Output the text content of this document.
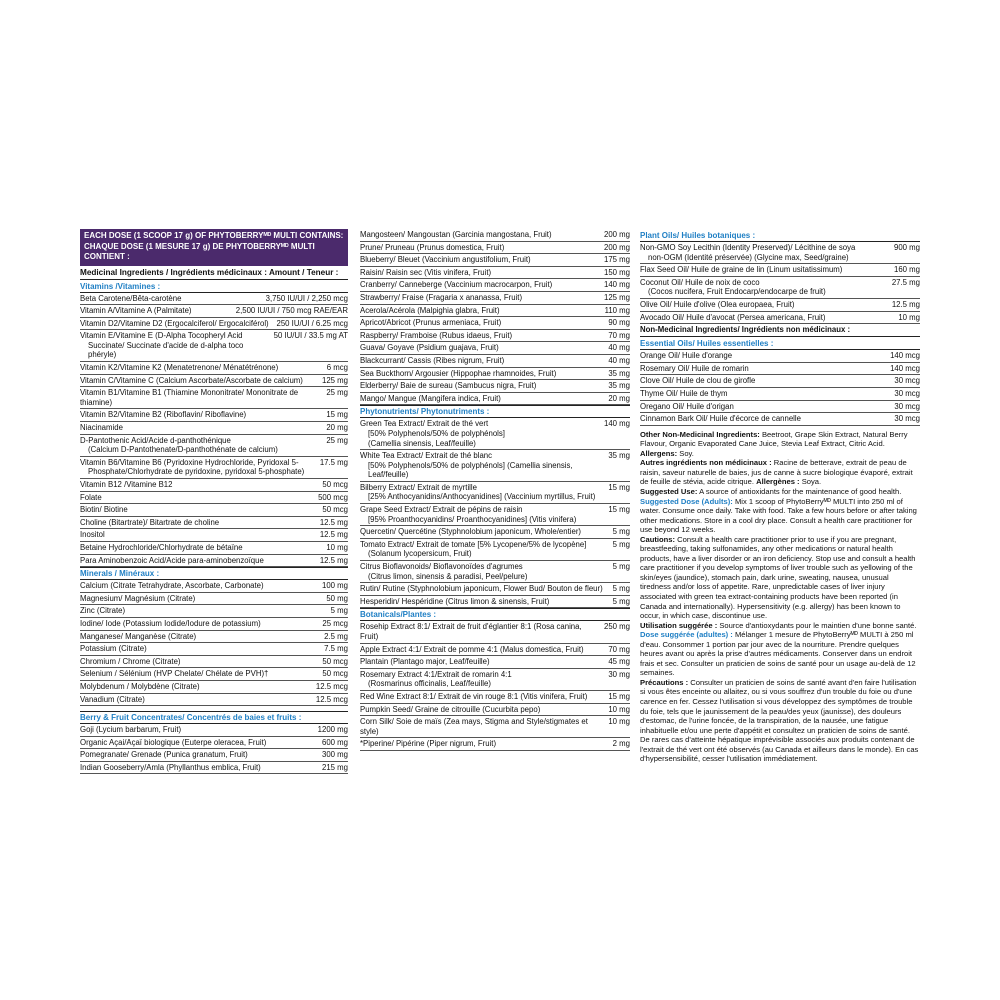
EACH DOSE (1 SCOOP 17 g) OF PHYTOBERRYᴹᴰ MULTI CONTAINS:
CHAQUE DOSE (1 MESURE 17 g) DE PHYTOBERRYᴹᴰ MULTI CONTIENT :
Medicinal Ingredients / Ingrédients médicinaux : Amount / Teneur :
Vitamins /Vitamines :
Beta Carotene/Bêta-carotène	3,750 IU/UI / 2,250 mcg
Vitamin A/Vitamine A (Palmitate)	2,500 IU/UI / 750 mcg RAE/EAR
Vitamin D2/Vitamine D2 (Ergocalciferol/ Ergocalciférol)	250 IU/UI / 6.25 mcg
Vitamin E/Vitamine E (D-Alpha Tocopheryl Acid
Succinate/ Succinate d'acide de d-alpha toco phéryle)
50 IU/UI / 33.5 mg AT
Vitamin K2/Vitamine K2 (Menatetrenone/ Ménatétrénone)	6 mcg
Vitamin C/Vitamine C (Calcium Ascorbate/Ascorbate de calcium)	125 mg
Vitamin B1/Vitamine B1 (Thiamine Mononitrate/ Mononitrate de thiamine)
25 mg
Vitamin B2/Vitamine B2 (Riboflavin/ Riboflavine)	15 mg
Niacinamide	20 mg
D-Pantothenic Acid/Acide d-panthothénique
(Calcium D-Pantothenate/D-panthothénate de calcium)
25 mg
Vitamin B6/Vitamine B6 (Pyridoxine Hydrochloride, Pyridoxal 5-
Phosphate/Chlorhydrate de pyridoxine, pyridoxal 5-phosphate)
17.5 mg
Vitamin B12 /Vitamine B12	50 mcg
Folate	500 mcg
Biotin/ Biotine	50 mcg
Choline (Bitartrate)/ Bitartrate de choline	12.5 mg
Inositol	12.5 mg
Betaine Hydrochloride/Chlorhydrate de bétaïne	10 mg
Para Aminobenzoic Acid/Acide para-aminobenzoïque	12.5 mg
Minerals / Minéraux :
Calcium (Citrate Tetrahydrate, Ascorbate, Carbonate)	100 mg
Magnesium/ Magnésium (Citrate)	50 mg
Zinc (Citrate)	5 mg
Iodine/ Iode (Potassium Iodide/Iodure de potassium)	25 mcg
Manganese/ Manganèse (Citrate)	2.5 mg
Potassium (Citrate)	7.5 mg
Chromium / Chrome (Citrate)	50 mcg
Selenium / Sélénium (HVP Chelate/ Chélate de PVH)†	50 mcg
Molybdenum / Molybdène (Citrate)	12.5 mcg
Vanadium (Citrate)	12.5 mcg
Berry & Fruit Concentrates/ Concentrés de baies et fruits :
Goji (Lycium barbarum, Fruit)	1200 mg
Organic Açai/Açaï biologique (Euterpe oleracea, Fruit)	600 mg
Pomegranate/ Grenade (Punica granatum, Fruit)	300 mg
Indian Gooseberry/Amla (Phyllanthus emblica, Fruit)	215 mg
Mangosteen/ Mangoustan (Garcinia mangostana, Fruit)	200 mg
Prune/ Pruneau (Prunus domestica, Fruit)	200 mg
Blueberry/ Bleuet (Vaccinium angustifolium, Fruit)	175 mg
Raisin/ Raisin sec (Vitis vinifera, Fruit)	150 mg
Cranberry/ Canneberge (Vaccinium macrocarpon, Fruit)	140 mg
Strawberry/ Fraise (Fragaria x ananassa, Fruit)	125 mg
Acerola/Acérola (Malpighia glabra, Fruit)	110 mg
Apricot/Abricot (Prunus armeniaca, Fruit)	90 mg
Raspberry/ Framboise (Rubus idaeus, Fruit)	70 mg
Guava/ Goyave (Psidium guajava, Fruit)	40 mg
Blackcurrant/ Cassis (Ribes nigrum, Fruit)	40 mg
Sea Buckthorn/ Argousier (Hippophae rhamnoides, Fruit)	35 mg
Elderberry/ Baie de sureau (Sambucus nigra, Fruit)	35 mg
Mango/ Mangue (Mangifera indica, Fruit)	20 mg
Phytonutrients/ Phytonutriments :
Green Tea Extract/ Extrait de thé vert
[50% Polyphenols/50% de polyphénols]
(Camellia sinensis, Leaf/feuille)
140 mg
White Tea Extract/ Extrait de thé blanc
[50% Polyphenols/50% de polyphénols] (Camellia sinensis, Leaf/feuille)
35 mg
Bilberry Extract/ Extrait de myrtille
[25% Anthocyanidins/Anthocyanidines] (Vaccinium myrtillus, Fruit)
15 mg
Grape Seed Extract/ Extrait de pépins de raisin
[95% Proanthocyanidins/ Proanthocyanidines] (Vitis vinifera)
15 mg
Quercetin/ Quercétine (Styphnolobium japonicum, Whole/entier)	5 mg
Tomato Extract/ Extrait de tomate [5% Lycopene/5% de lycopène]
(Solanum lycopersicum, Fruit)
5 mg
Citrus Bioflavonoids/ Bioflavonoïdes d'agrumes
(Citrus limon, sinensis & paradisi, Peel/pelure)
5 mg
Rutin/ Rutine (Styphnolobium japonicum, Flower Bud/ Bouton de fleur)	5 mg
Hesperidin/ Hespéridine (Citrus limon & sinensis, Fruit)	5 mg
Botanicals/Plantes :
Rosehip Extract 8:1/ Extrait de fruit d'églantier 8:1 (Rosa canina, Fruit)
250 mg
Apple Extract 4:1/ Extrait de pomme 4:1 (Malus domestica, Fruit)	70 mg
Plantain (Plantago major, Leaf/feuille)	45 mg
Rosemary Extract 4:1/Extrait de romarin 4:1
(Rosmarinus officinalis, Leaf/feuille)
30 mg
Red Wine Extract 8:1/ Extrait de vin rouge 8:1 (Vitis vinifera, Fruit)	15 mg
Pumpkin Seed/ Graine de citrouille (Cucurbita pepo)	10 mg
Corn Silk/ Soie de maïs (Zea mays, Stigma and Style/stigmates et style)
10 mg
*Piperine/ Pipérine (Piper nigrum, Fruit)	2 mg
Plant Oils/ Huiles botaniques :
Non-GMO Soy Lecithin (Identity Preserved)/ Lécithine de soya
non-OGM (Identité préservée) (Glycine max, Seed/graine)
900 mg
Flax Seed Oil/ Huile de graine de lin (Linum usitatissimum)	160 mg
Coconut Oil/ Huile de noix de coco
(Cocos nucifera, Fruit Endocarp/endocarpe de fruit)
27.5 mg
Olive Oil/ Huile d'olive (Olea europaea, Fruit)	12.5 mg
Avocado Oil/ Huile d'avocat (Persea americana, Fruit)	10 mg
Non-Medicinal Ingredients/ Ingrédients non médicinaux :
Essential Oils/ Huiles essentielles :
Orange Oil/ Huile d'orange	140 mcg
Rosemary Oil/ Huile de romarin	140 mcg
Clove Oil/ Huile de clou de girofle	30 mcg
Thyme Oil/ Huile de thym	30 mcg
Oregano Oil/ Huile d'origan	30 mcg
Cinnamon Bark Oil/ Huile d'écorce de cannelle	30 mcg

Other Non-Medicinal Ingredients: Beetroot, Grape Skin Extract, Natural Berry Flavour, Organic Evaporated Cane Juice, Stevia Leaf Extract, Citric Acid. Allergens: Soy.

Autres ingrédients non médicinaux : Racine de betterave, extrait de peau de raisin, saveur naturelle de baies, jus de canne à sucre biologique évaporé, extrait de feuille de stévia, acide citrique. Allergènes : Soya.

Suggested Use: A source of antioxidants for the maintenance of good health.

Suggested Dose (Adults): Mix 1 scoop of PhytoBerryᴹᴰ MULTI into 250 ml of water. Consume once daily. Take with food. Take a few hours before or after taking other medications. Store in a cool dry place. Consult a health care practitioner for use beyond 12 weeks.

Cautions: Consult a health care practitioner prior to use if you are pregnant, breastfeeding, taking sulfonamides, any other medications or natural health products, have a liver disorder or an iron deficiency. Stop use and consult a health care practitioner if you develop symptoms of liver trouble such as yellowing of the skin/eyes (jaundice), stomach pain, dark urine, sweating, nausea, unusual tiredness and/or loss of appetite. Rare, unpredictable cases of liver injury associated with green tea extract-containing products have been reported (in Canada and internationally). Hypersensitivity (e.g. allergy) has been known to occur, in which case, discontinue use.

Utilisation suggérée : Source d'antioxydants pour le maintien d'une bonne santé.

Dose suggérée (adultes) : Mélanger 1 mesure de PhytoBerryᴹᴰ MULTI à 250 ml d'eau. Consommer 1 portion par jour avec de la nourriture. Prendre quelques heures avant ou après la prise d'autres médicaments. Conserver dans un endroit frais et sec. Consulter un praticien de soins de santé pour un usage au-delà de 12 semaines.

Précautions : Consulter un praticien de soins de santé avant d'en faire l'utilisation si vous êtes enceinte ou allaitez, ou si vous souffrez d'un trouble du foie ou d'une carence en fer. Cessez l'utilisation si vous développez des symptômes de trouble du foie, tels que le jaunissement de la peau/des yeux (jaunisse), des douleurs d'estomac, de l'urine foncée, de la transpiration, de la nausée, une fatigue inhabituelle et/ou une perte d'appétit et consultez un praticien de soins de santé. De rares cas d'atteinte hépatique imprévisible associés aux produits contenant de l'extrait de thé vert ont été observés (au Canada et ailleurs dans le monde). En cas d'hypersensibilité, cesser l'utilisation immédiatement.
